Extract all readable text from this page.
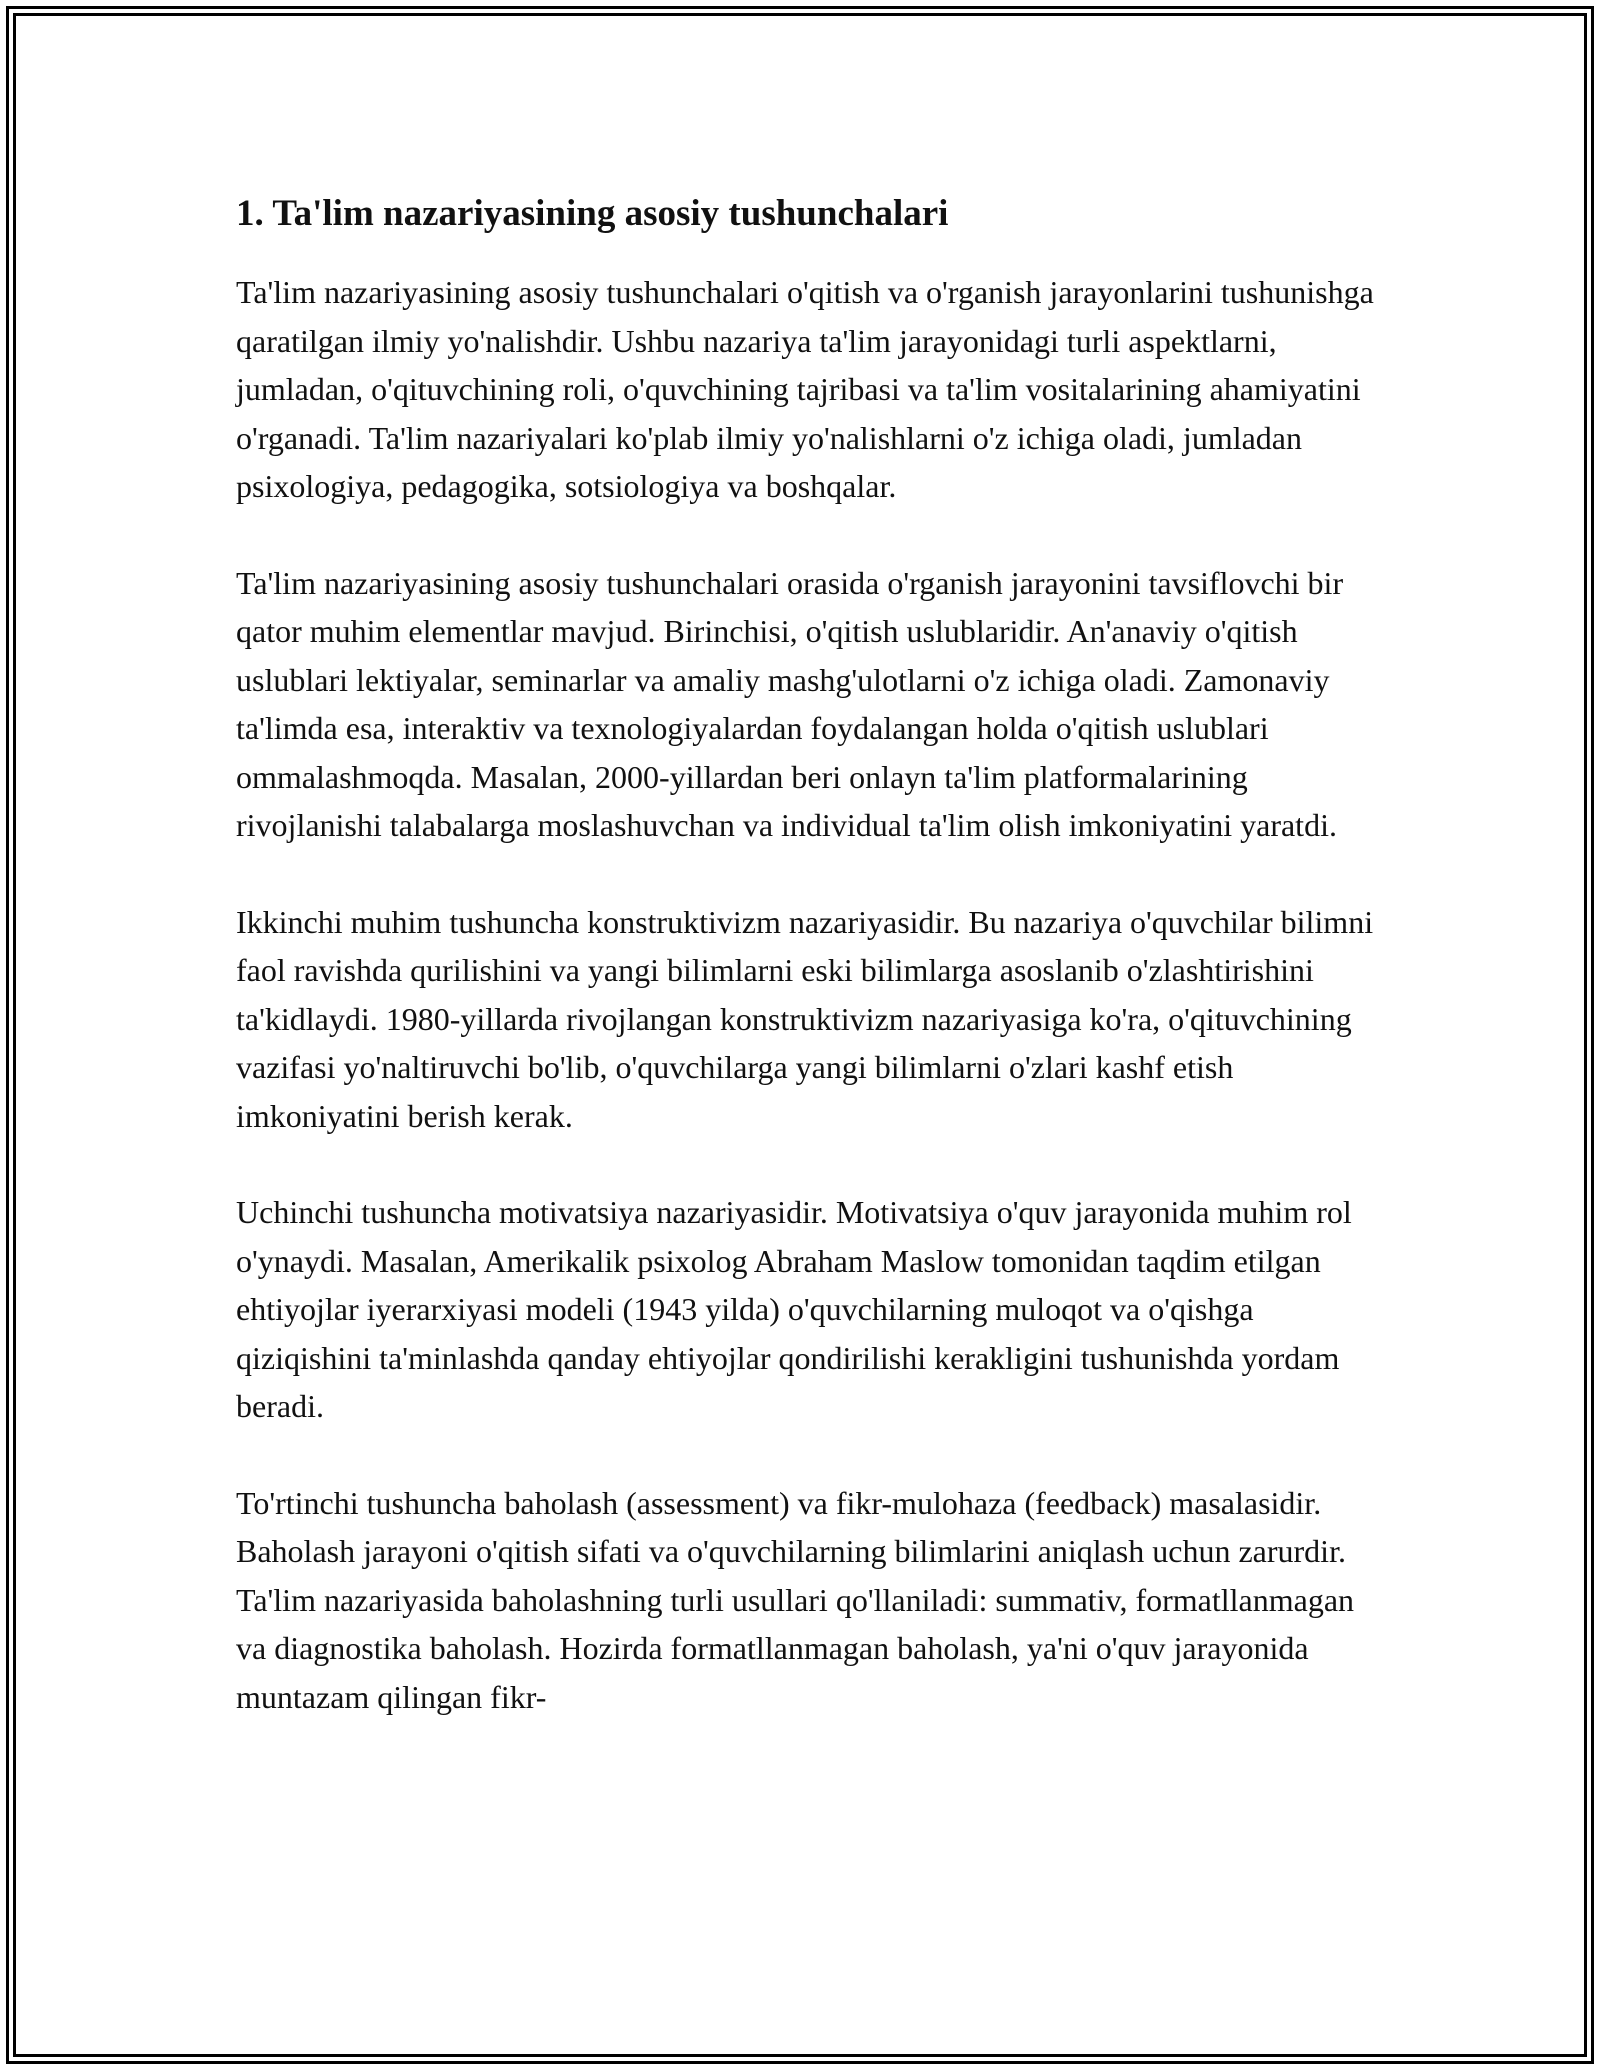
1. Ta'lim nazariyasining asosiy tushunchalari

Ta'lim nazariyasining asosiy tushunchalari o'qitish va o'rganish jarayonlarini tushunishga qaratilgan ilmiy yo'nalishdir. Ushbu nazariya ta'lim jarayonidagi turli aspektlarni, jumladan, o'qituvchining roli, o'quvchining tajribasi va ta'lim vositalarining ahamiyatini o'rganadi. Ta'lim nazariyalari ko'plab ilmiy yo'nalishlarni o'z ichiga oladi, jumladan psixologiya, pedagogika, sotsiologiya va boshqalar.

Ta'lim nazariyasining asosiy tushunchalari orasida o'rganish jarayonini tavsiflovchi bir qator muhim elementlar mavjud. Birinchisi, o'qitish uslublaridir. An'anaviy o'qitish uslublari lektiyalar, seminarlar va amaliy mashg'ulotlarni o'z ichiga oladi. Zamonaviy ta'limda esa, interaktiv va texnologiyalardan foydalangan holda o'qitish uslublari ommalashmoqda. Masalan, 2000-yillardan beri onlayn ta'lim platformalarining rivojlanishi talabalarga moslashuvchan va individual ta'lim olish imkoniyatini yaratdi.

Ikkinchi muhim tushuncha konstruktivizm nazariyasidir. Bu nazariya o'quvchilar bilimni faol ravishda qurilishini va yangi bilimlarni eski bilimlarga asoslanib o'zlashtirishini ta'kidlaydi. 1980-yillarda rivojlangan konstruktivizm nazariyasiga ko'ra, o'qituvchining vazifasi yo'naltiruvchi bo'lib, o'quvchilarga yangi bilimlarni o'zlari kashf etish imkoniyatini berish kerak.

Uchinchi tushuncha motivatsiya nazariyasidir. Motivatsiya o'quv jarayonida muhim rol o'ynaydi. Masalan, Amerikalik psixolog Abraham Maslow tomonidan taqdim etilgan ehtiyojlar iyerarxiyasi modeli (1943 yilda) o'quvchilarning muloqot va o'qishga qiziqishini ta'minlashda qanday ehtiyojlar qondirilishi kerakligini tushunishda yordam beradi.

To'rtinchi tushuncha baholash (assessment) va fikr-mulohaza (feedback) masalasidir. Baholash jarayoni o'qitish sifati va o'quvchilarning bilimlarini aniqlash uchun zarurdir. Ta'lim nazariyasida baholashning turli usullari qo'llaniladi: summativ, formatllanmagan va diagnostika baholash. Hozirda formatllanmagan baholash, ya'ni o'quv jarayonida muntazam qilingan fikr-
